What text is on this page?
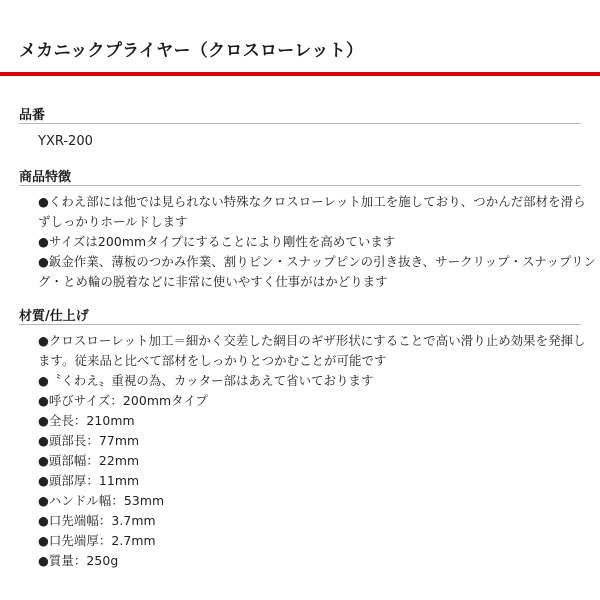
メカニックプライヤー（クロスローレット）
品番
YXR-200
商品特徴
●くわえ部には他では見られない特殊なクロスローレット加工を施しており、つかんだ部材を滑ら
ずしっかりホールドします
●サイズは200mmタイプにすることにより剛性を高めています
●鈑金作業、薄板のつかみ作業、割りピン・スナップピンの引き抜き、サークリップ・スナップリン
グ・とめ輪の脱着などに非常に使いやすく仕事がはかどります
材質/仕上げ
●クロスローレット加工＝細かく交差した網目のギザ形状にすることで高い滑り止め効果を発揮し
ます。従来品と比べて部材をしっかりとつかむことが可能です
●〝くわえ〟重視の為、カッター部はあえて省いております
●呼びサイズ：200mmタイプ
●全長：210mm
●頭部長：77mm
●頭部幅：22mm
●頭部厚：11mm
●ハンドル幅：53mm
●口先端幅：3.7mm
●口先端厚：2.7mm
●質量：250g
